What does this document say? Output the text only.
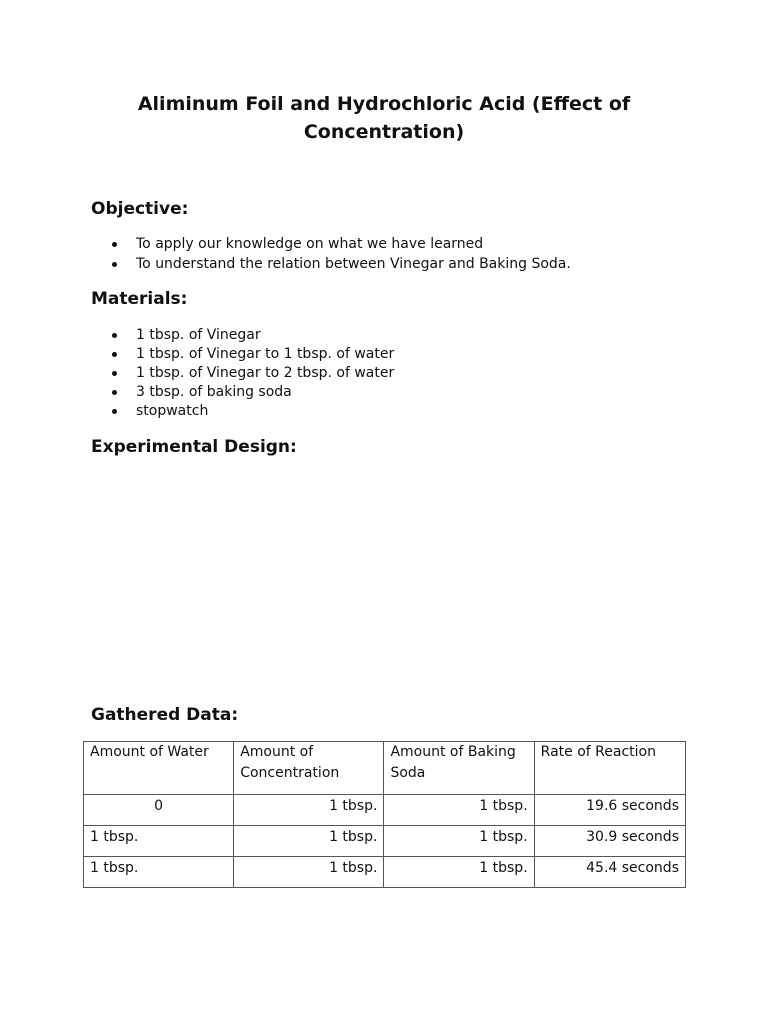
Aliminum Foil and Hydrochloric Acid (Effect of Concentration)
Objective:
To apply our knowledge on what we have learned
To understand the relation between Vinegar and Baking Soda.
Materials:
1 tbsp. of Vinegar
1 tbsp. of Vinegar to 1 tbsp. of water
1 tbsp. of Vinegar to 2 tbsp. of water
3 tbsp. of baking soda
stopwatch
Experimental Design:
Gathered Data:
Amount of Water	Amount of Concentration	Amount of Baking Soda	Rate of Reaction
0	1 tbsp.	1 tbsp.	19.6 seconds
1 tbsp.	1 tbsp.	1 tbsp.	30.9 seconds
1 tbsp.	1 tbsp.	1 tbsp.	45.4 seconds
